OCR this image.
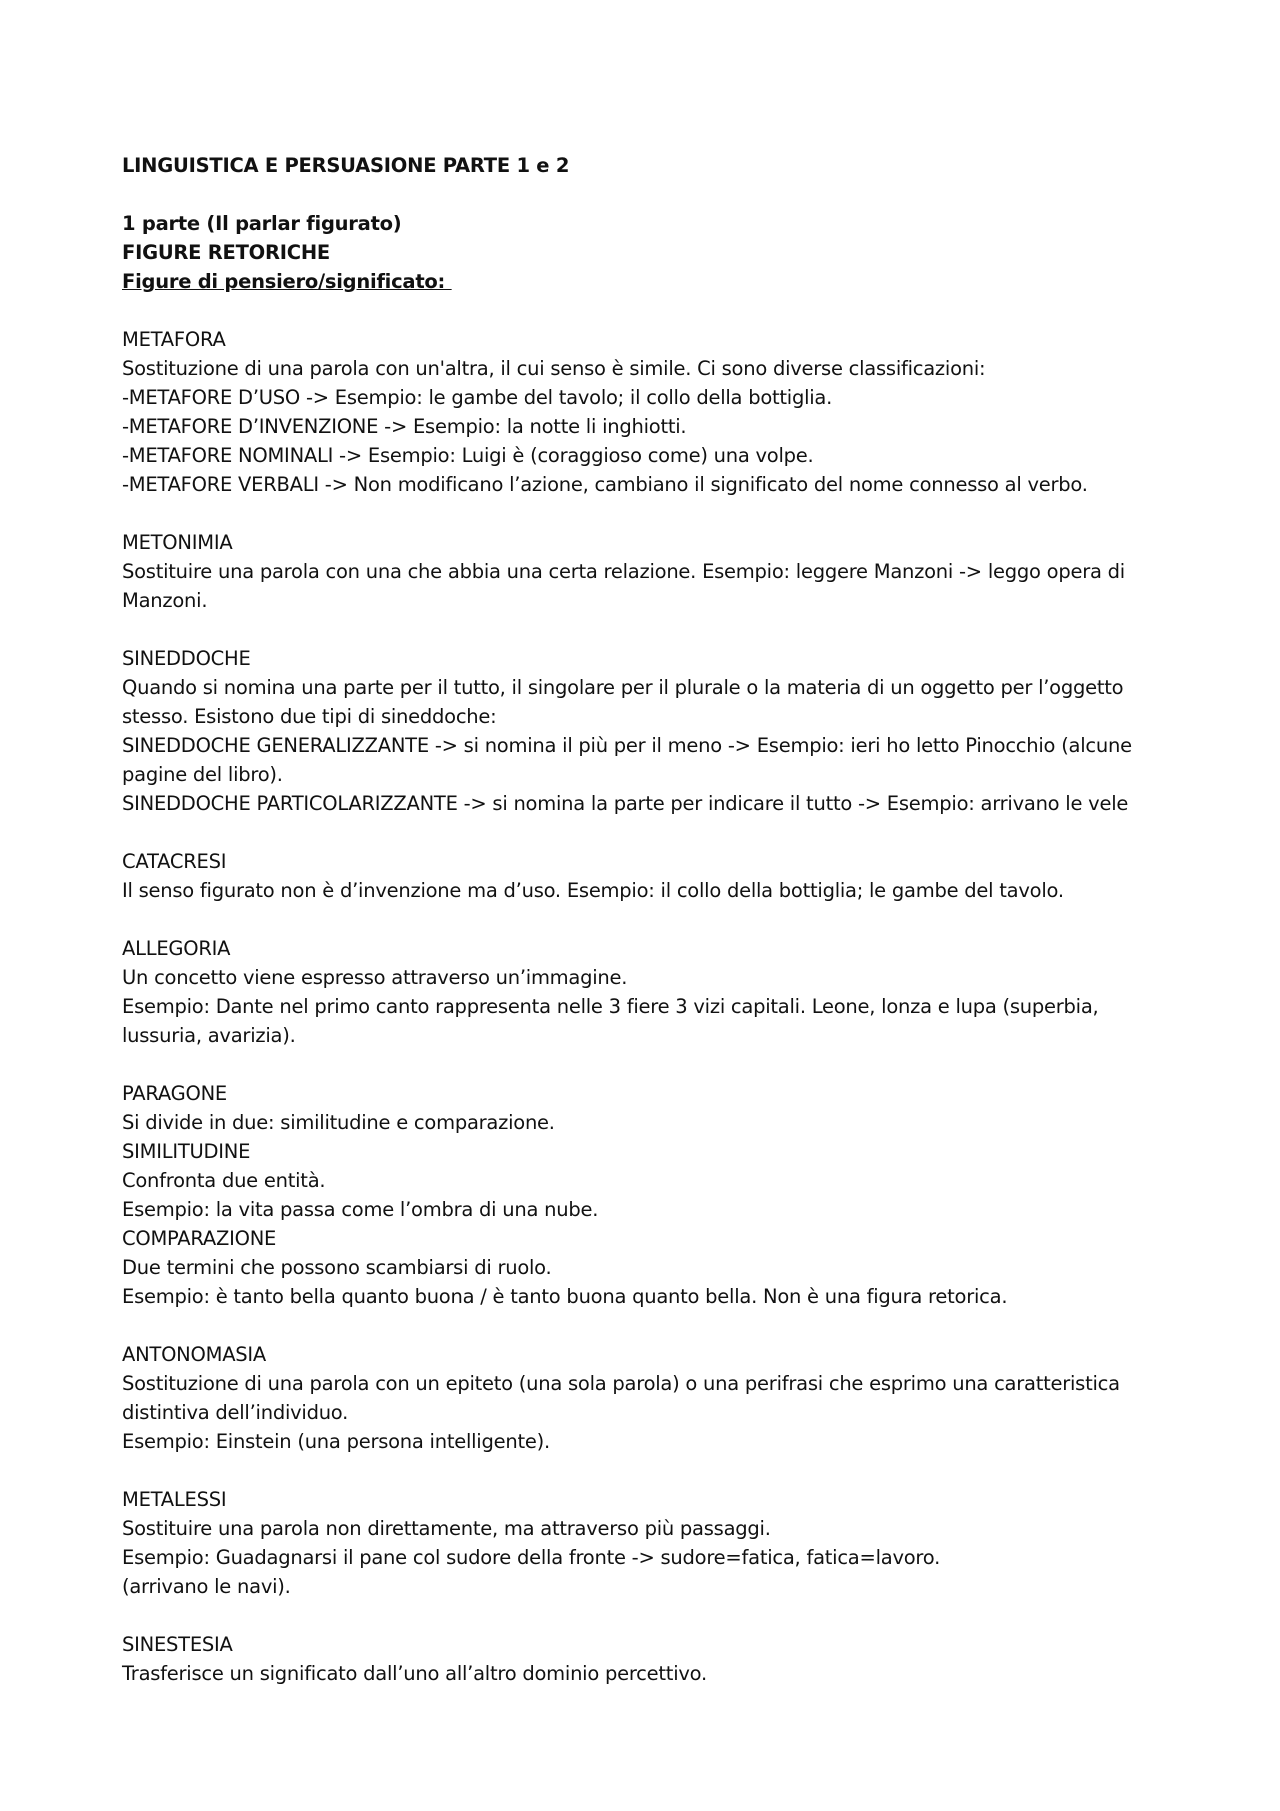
LINGUISTICA E PERSUASIONE PARTE 1 e 2
1 parte (Il parlar figurato)
FIGURE RETORICHE
Figure di pensiero/significato:
METAFORA
Sostituzione di una parola con un'altra, il cui senso è simile. Ci sono diverse classificazioni:
-METAFORE D’USO -> Esempio: le gambe del tavolo; il collo della bottiglia.
-METAFORE D’INVENZIONE -> Esempio: la notte li inghiotti.
-METAFORE NOMINALI -> Esempio: Luigi è (coraggioso come) una volpe.
-METAFORE VERBALI -> Non modificano l’azione, cambiano il significato del nome connesso al verbo.
METONIMIA
Sostituire una parola con una che abbia una certa relazione. Esempio: leggere Manzoni -> leggo opera di Manzoni.
SINEDDOCHE
Quando si nomina una parte per il tutto, il singolare per il plurale o la materia di un oggetto per l’oggetto stesso. Esistono due tipi di sineddoche:
SINEDDOCHE GENERALIZZANTE -> si nomina il più per il meno -> Esempio: ieri ho letto Pinocchio (alcune pagine del libro).
SINEDDOCHE PARTICOLARIZZANTE -> si nomina la parte per indicare il tutto -> Esempio: arrivano le vele
CATACRESI
Il senso figurato non è d’invenzione ma d’uso. Esempio: il collo della bottiglia; le gambe del tavolo.
ALLEGORIA
Un concetto viene espresso attraverso un’immagine.
Esempio: Dante nel primo canto rappresenta nelle 3 fiere 3 vizi capitali. Leone, lonza e lupa (superbia, lussuria, avarizia).
PARAGONE
Si divide in due: similitudine e comparazione.
SIMILITUDINE
Confronta due entità.
Esempio: la vita passa come l’ombra di una nube.
COMPARAZIONE
Due termini che possono scambiarsi di ruolo.
Esempio: è tanto bella quanto buona / è tanto buona quanto bella. Non è una figura retorica.
ANTONOMASIA
Sostituzione di una parola con un epiteto (una sola parola) o una perifrasi che esprimo una caratteristica distintiva dell’individuo.
Esempio: Einstein (una persona intelligente).
METALESSI
Sostituire una parola non direttamente, ma attraverso più passaggi.
Esempio: Guadagnarsi il pane col sudore della fronte -> sudore=fatica, fatica=lavoro.
(arrivano le navi).
SINESTESIA
Trasferisce un significato dall’uno all’altro dominio percettivo.
